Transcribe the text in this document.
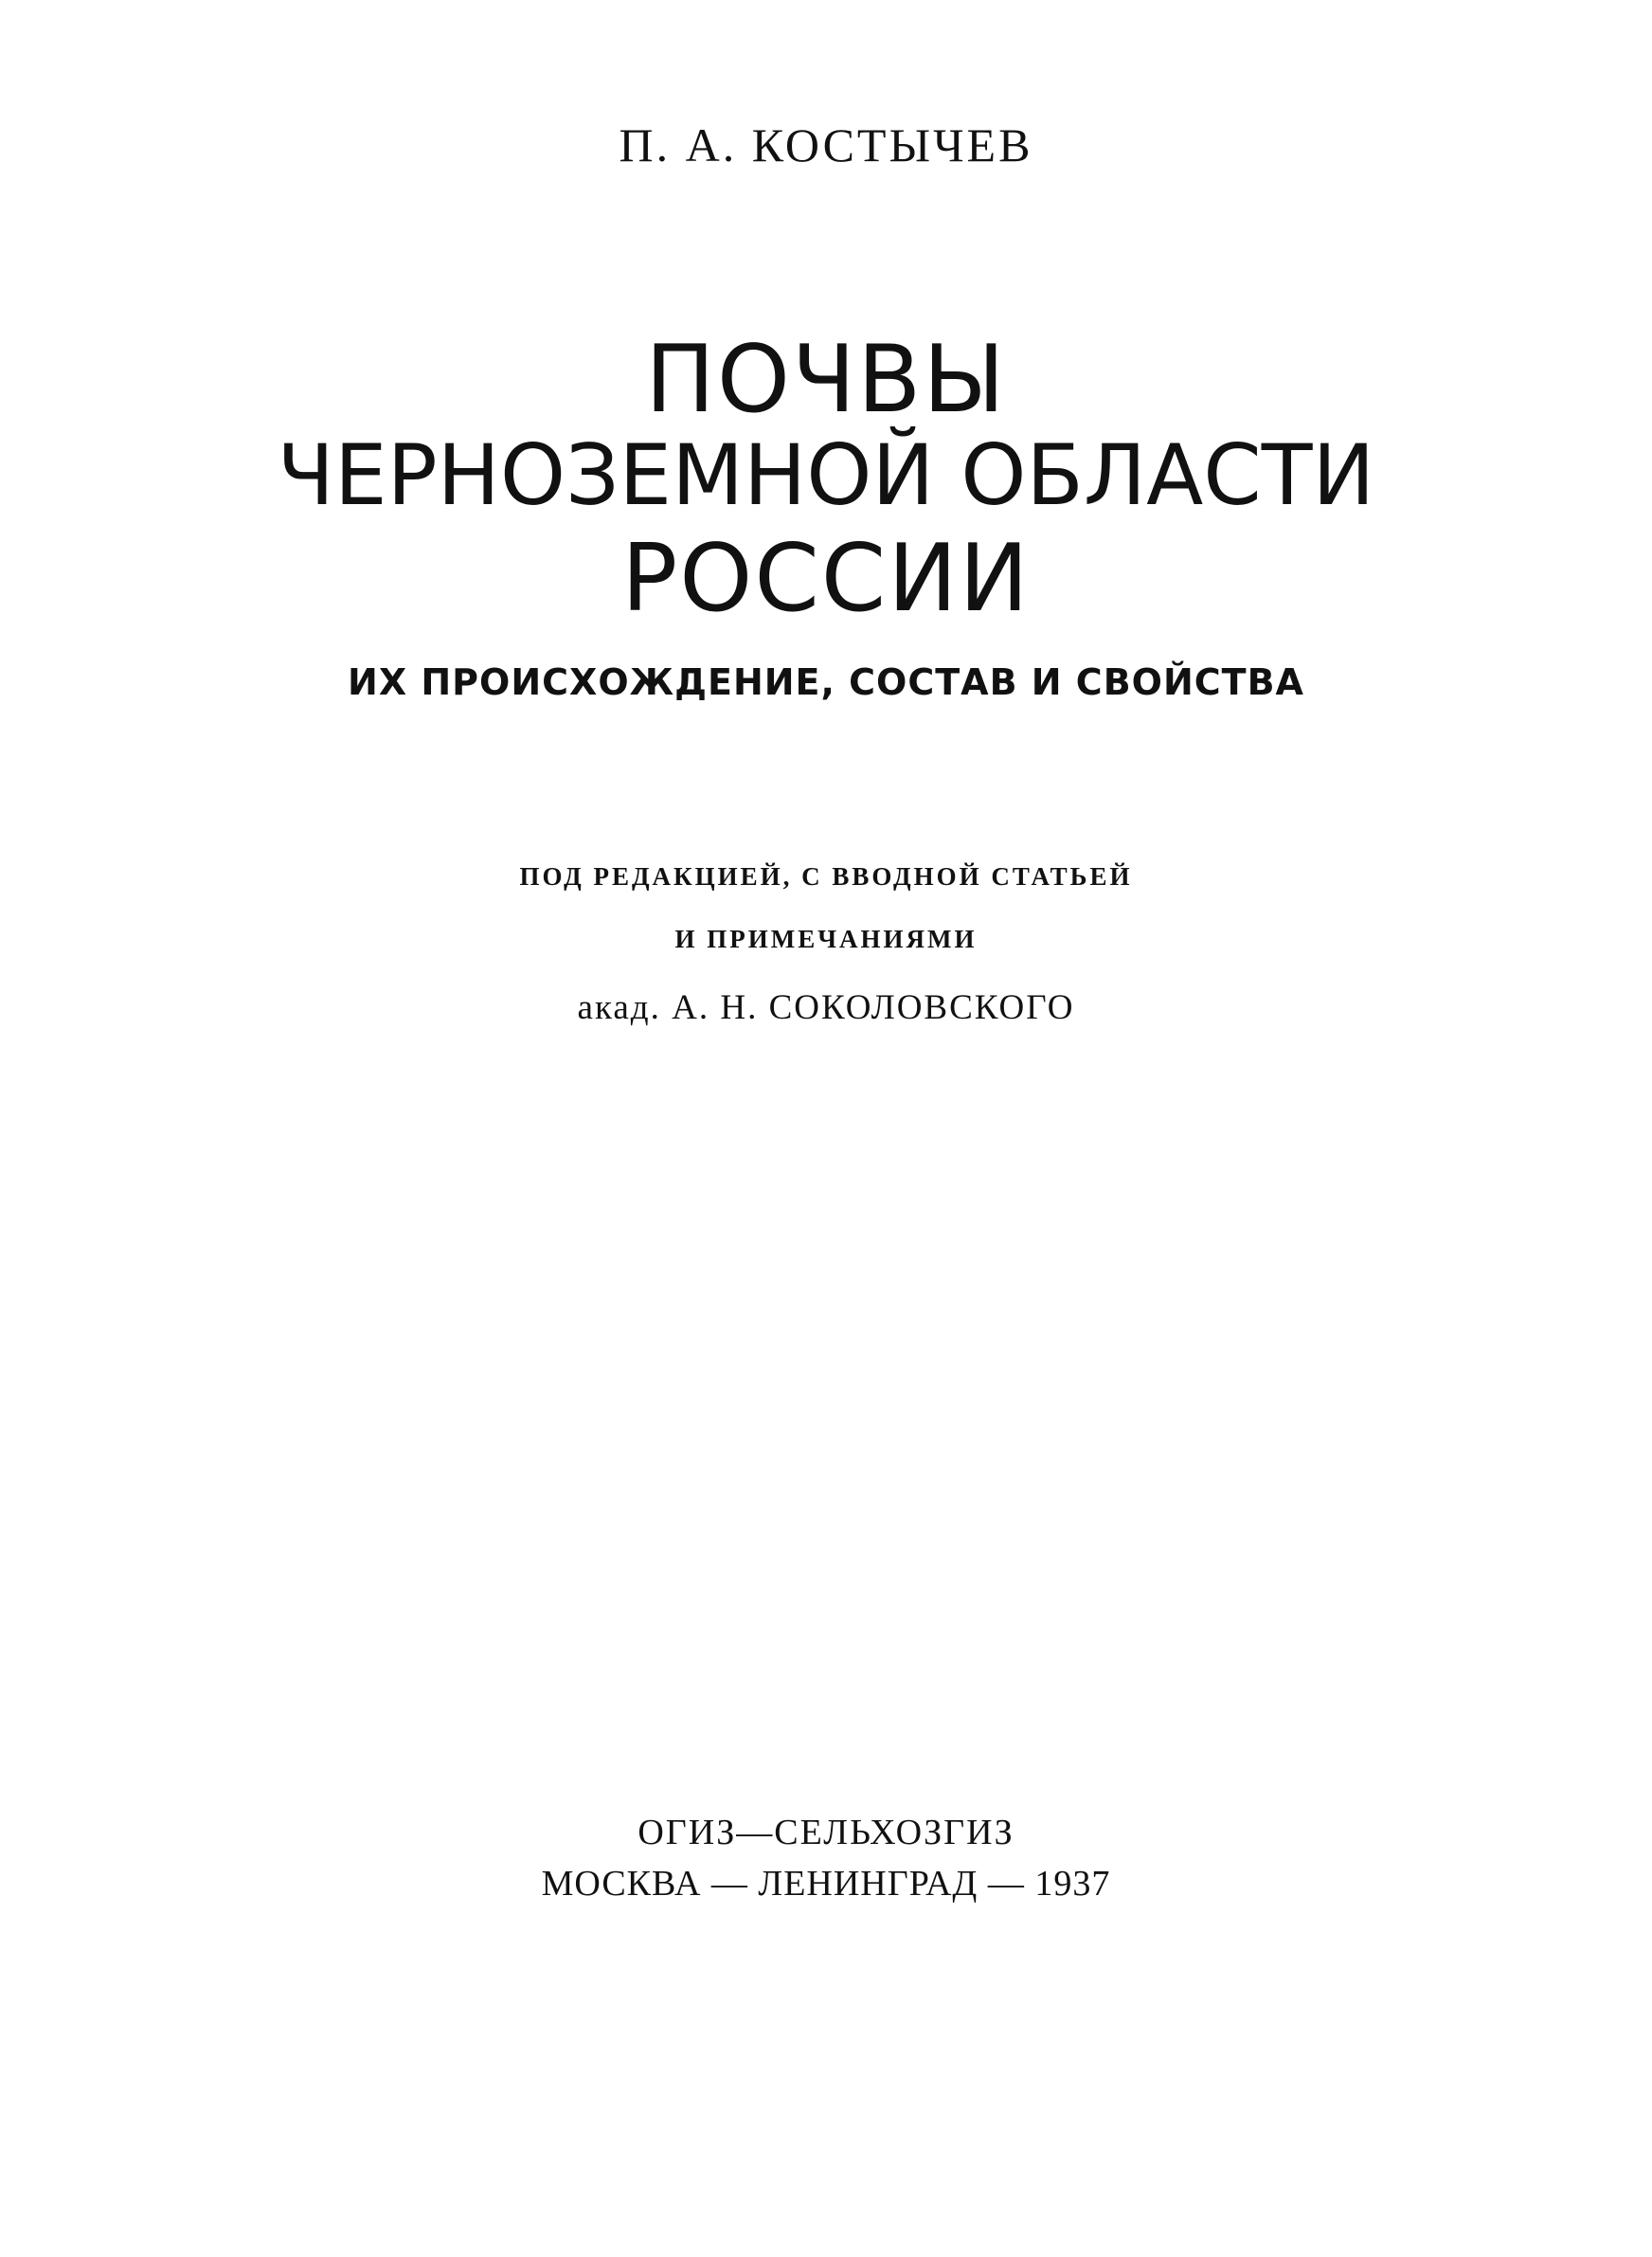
П. А. КОСТЫЧЕВ

ПОЧВЫ
ЧЕРНОЗЕМНОЙ ОБЛАСТИ
РОССИИ

ИХ ПРОИСХОЖДЕНИЕ, СОСТАВ И СВОЙСТВА

ПОД РЕДАКЦИЕЙ, С ВВОДНОЙ СТАТЬЕЙ

И ПРИМЕЧАНИЯМИ

акад. А. Н. СОКОЛОВСКОГО

ОГИЗ—СЕЛЬХОЗГИЗ

МОСКВА — ЛЕНИНГРАД — 1937
